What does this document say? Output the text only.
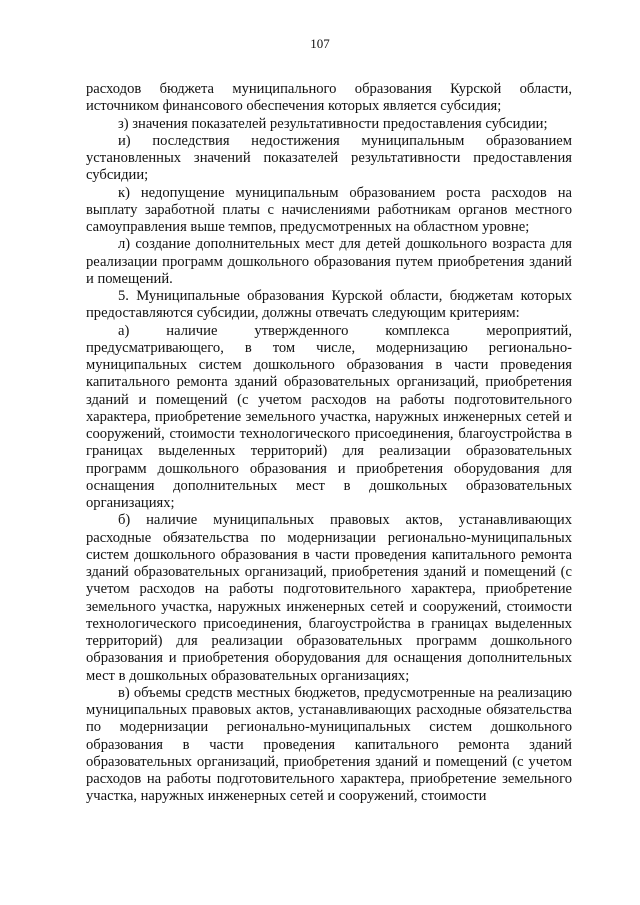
107

расходов бюджета муниципального образования Курской области, источником финансового обеспечения которых является субсидия;

з) значения показателей результативности предоставления субсидии;

и) последствия недостижения муниципальным образованием установленных значений показателей результативности предоставления субсидии;

к) недопущение муниципальным образованием роста расходов на выплату заработной платы с начислениями работникам органов местного самоуправления выше темпов, предусмотренных на областном уровне;

л) создание дополнительных мест для детей дошкольного возраста для реализации программ дошкольного образования путем приобретения зданий и помещений.

5. Муниципальные образования Курской области, бюджетам которых предоставляются субсидии, должны отвечать следующим критериям:

а) наличие утвержденного комплекса мероприятий, предусматривающего, в том числе, модернизацию регионально-муниципальных систем дошкольного образования в части проведения капитального ремонта зданий образовательных организаций, приобретения зданий и помещений (с учетом расходов на работы подготовительного характера, приобретение земельного участка, наружных инженерных сетей и сооружений, стоимости технологического присоединения, благоустройства в границах выделенных территорий) для реализации образовательных программ дошкольного образования и приобретения оборудования для оснащения дополнительных мест в дошкольных образовательных организациях;

б) наличие муниципальных правовых актов, устанавливающих расходные обязательства по модернизации регионально-муниципальных систем дошкольного образования в части проведения капитального ремонта зданий образовательных организаций, приобретения зданий и помещений (с учетом расходов на работы подготовительного характера, приобретение земельного участка, наружных инженерных сетей и сооружений, стоимости технологического присоединения, благоустройства в границах выделенных территорий) для реализации образовательных программ дошкольного образования и приобретения оборудования для оснащения дополнительных мест в дошкольных образовательных организациях;

в) объемы средств местных бюджетов, предусмотренные на реализацию муниципальных правовых актов, устанавливающих расходные обязательства по модернизации регионально-муниципальных систем дошкольного образования в части проведения капитального ремонта зданий образовательных организаций, приобретения зданий и помещений (с учетом расходов на работы подготовительного характера, приобретение земельного участка, наружных инженерных сетей и сооружений, стоимости
